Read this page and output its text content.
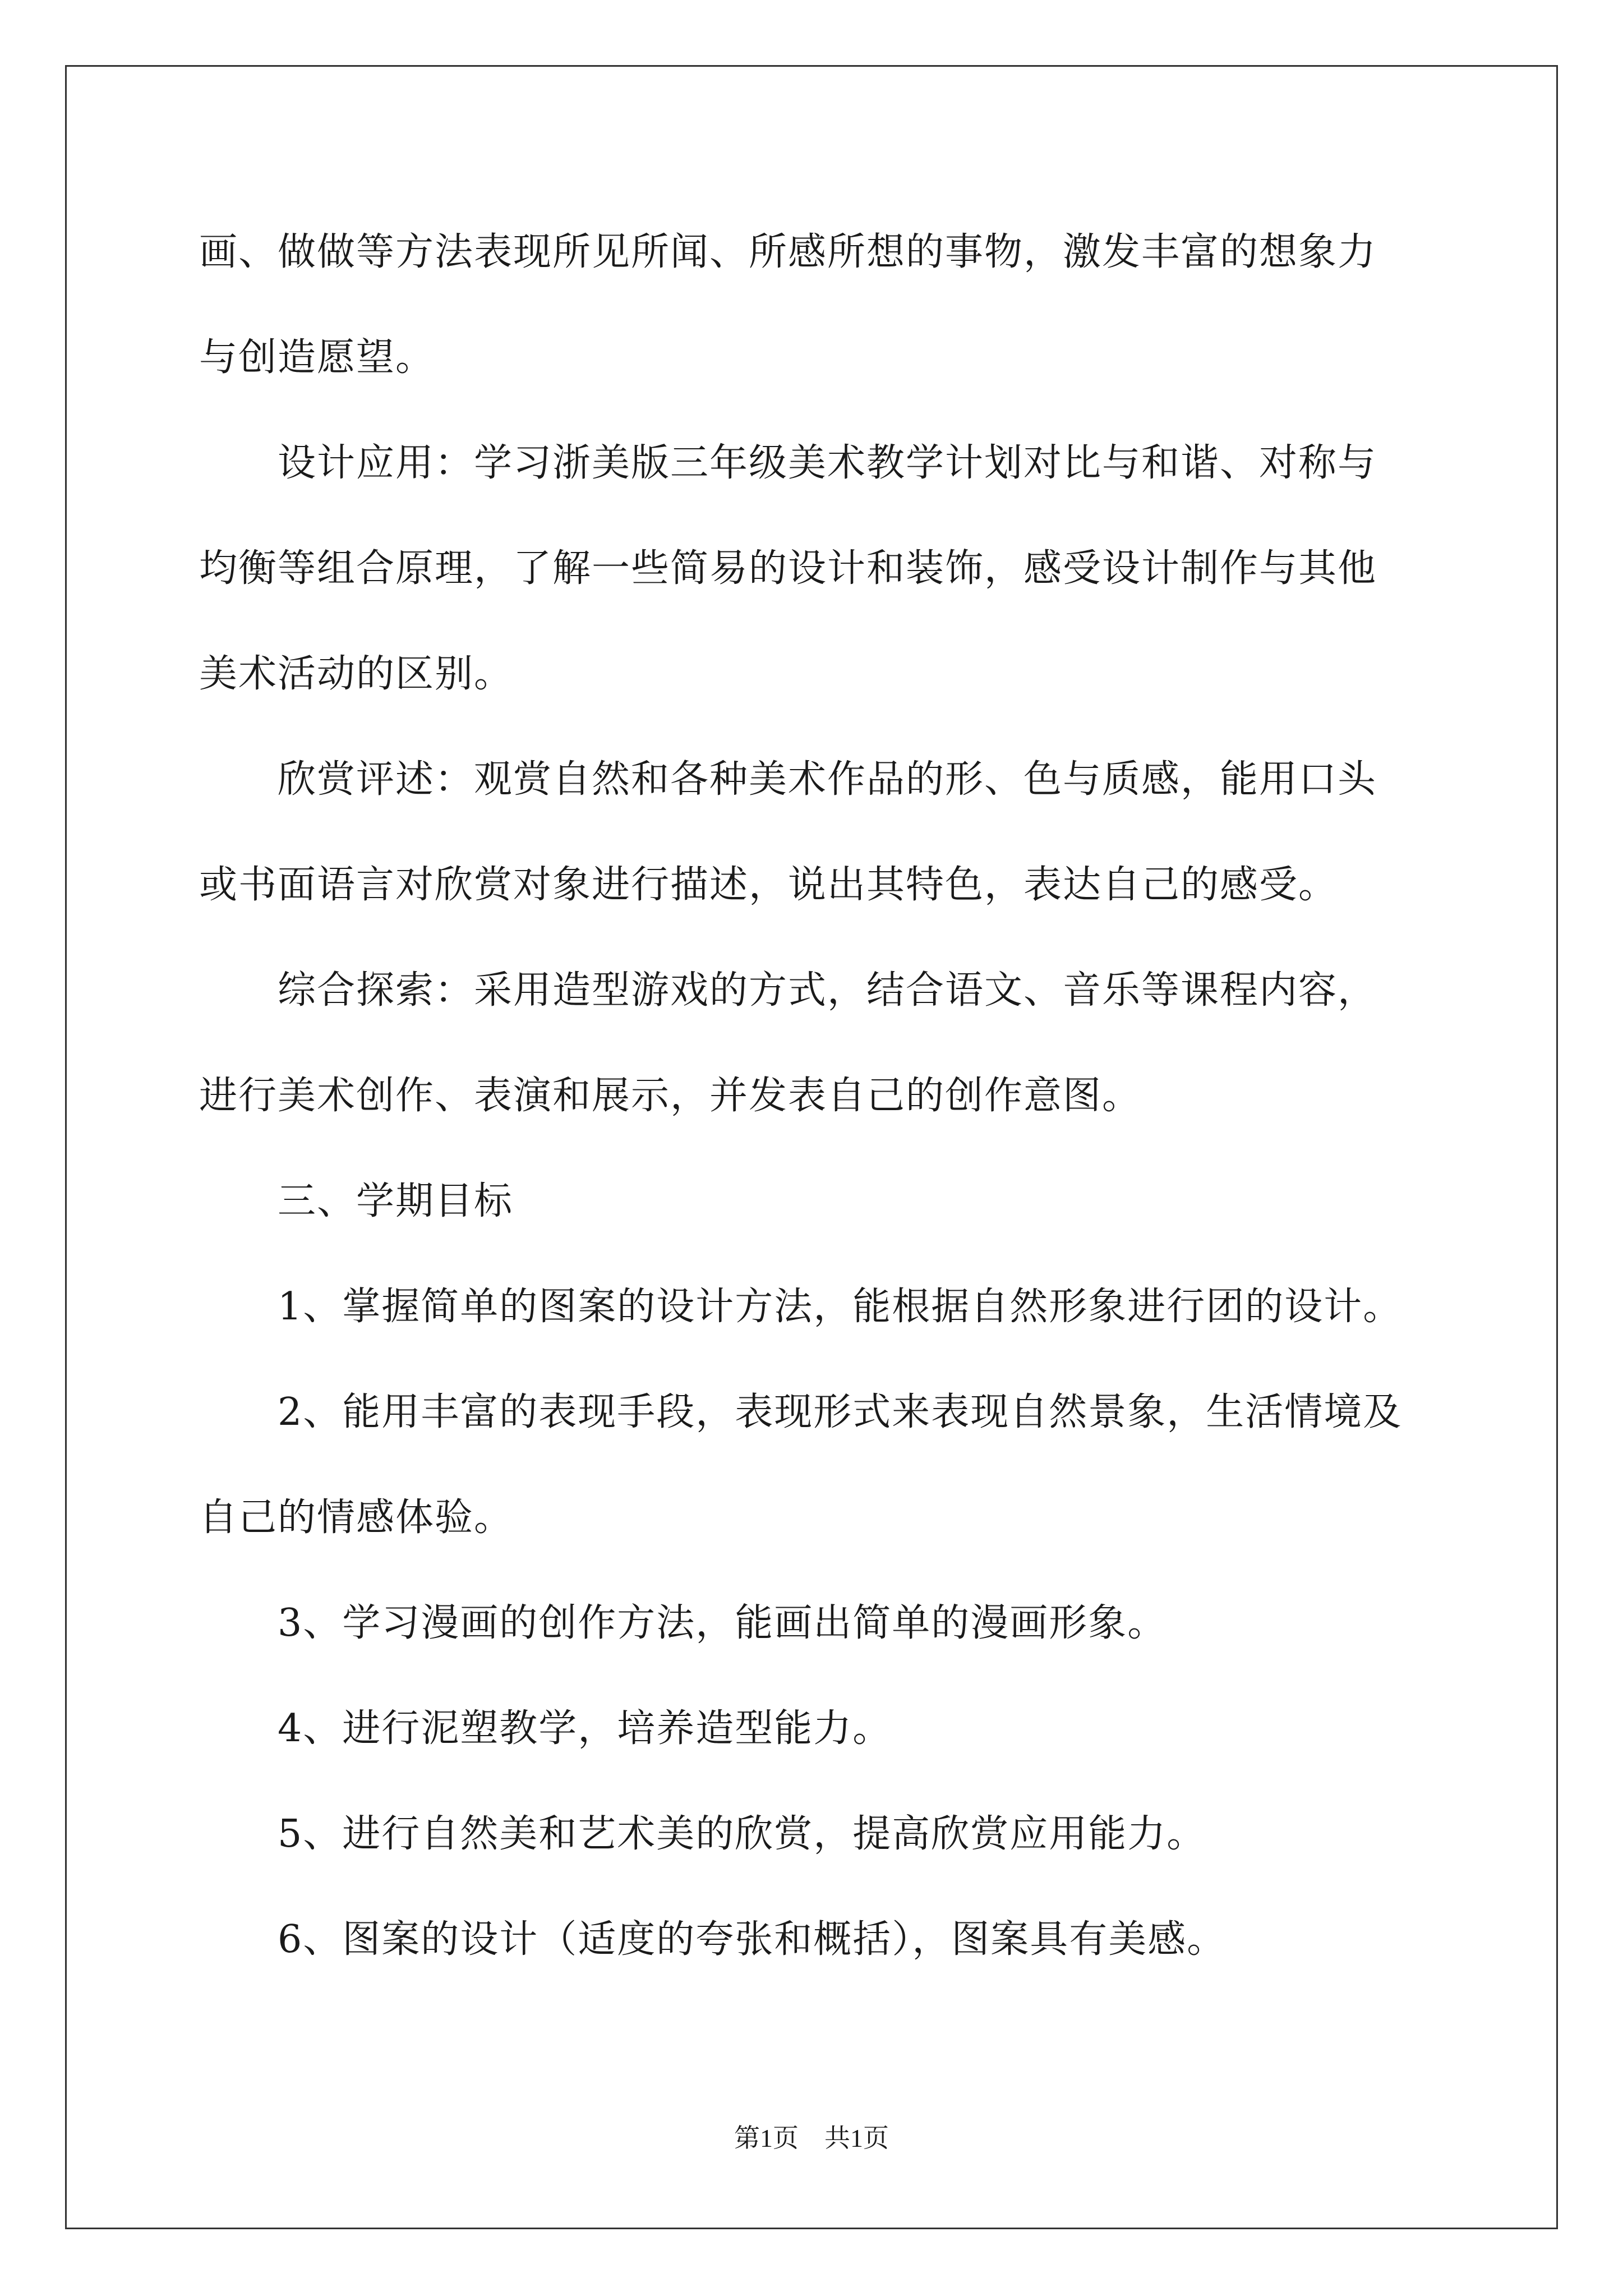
画、做做等方法表现所见所闻、所感所想的事物，激发丰富的想象力
与创造愿望。
设计应用：学习浙美版三年级美术教学计划对比与和谐、对称与
均衡等组合原理，了解一些简易的设计和装饰，感受设计制作与其他
美术活动的区别。
欣赏评述：观赏自然和各种美术作品的形、色与质感，能用口头
或书面语言对欣赏对象进行描述，说出其特色，表达自己的感受。
综合探索：采用造型游戏的方式，结合语文、音乐等课程内容，
进行美术创作、表演和展示，并发表自己的创作意图。
三、学期目标
1、掌握简单的图案的设计方法，能根据自然形象进行团的设计。
2、能用丰富的表现手段，表现形式来表现自然景象，生活情境及
自己的情感体验。
3、学习漫画的创作方法，能画出简单的漫画形象。
4、进行泥塑教学，培养造型能力。
5、进行自然美和艺术美的欣赏，提高欣赏应用能力。
6、图案的设计（适度的夸张和概括），图案具有美感。
第1页　共1页
